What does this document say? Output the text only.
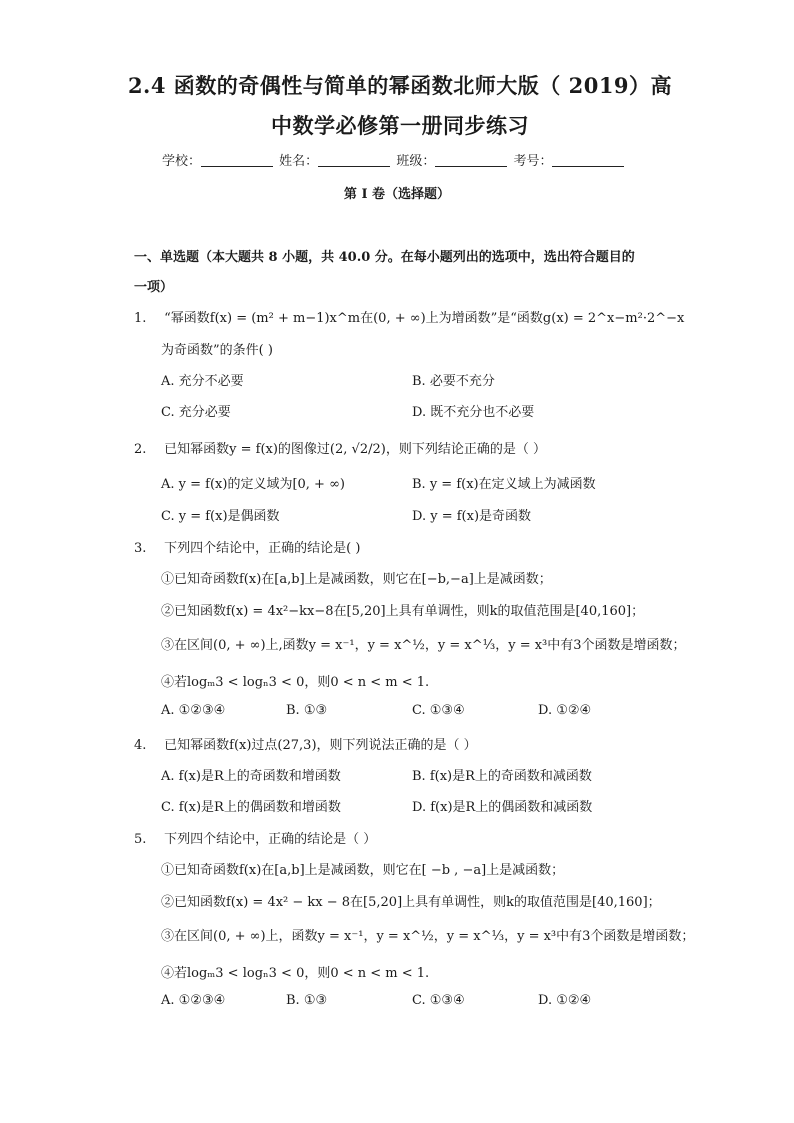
2.4 函数的奇偶性与简单的幂函数北师大版（ 2019）高
中数学必修第一册同步练习
学校：	姓名：	班级：	考号：
第 I 卷（选择题）
一、单选题（本大题共 8 小题，共 40.0 分。在每小题列出的选项中，选出符合题目的
一项）
1. “幂函数f(x) = (m² + m−1)x^m在(0, + ∞)上为增函数”是“函数g(x) = 2^x−m²·2^−x
为奇函数”的条件( )
A. 充分不必要	B. 必要不充分
C. 充分必要	D. 既不充分也不必要
2. 已知幂函数y = f(x)的图像过(2, √2/2)，则下列结论正确的是（ ）
A. y = f(x)的定义域为[0, + ∞)	B. y = f(x)在定义域上为减函数
C. y = f(x)是偶函数	D. y = f(x)是奇函数
3. 下列四个结论中，正确的结论是( )
①已知奇函数f(x)在[a,b]上是减函数，则它在[−b,−a]上是减函数；
②已知函数f(x) = 4x²−kx−8在[5,20]上具有单调性，则k的取值范围是[40,160]；
③在区间(0, + ∞)上,函数y = x⁻¹，y = x^½，y = x^⅓，y = x³中有3个函数是增函数；
④若logₘ3 < logₙ3 < 0，则0 < n < m < 1.
A. ①②③④	B. ①③	C. ①③④	D. ①②④
4. 已知幂函数f(x)过点(27,3)，则下列说法正确的是（ ）
A. f(x)是R上的奇函数和增函数	B. f(x)是R上的奇函数和减函数
C. f(x)是R上的偶函数和增函数	D. f(x)是R上的偶函数和减函数
5. 下列四个结论中，正确的结论是（ ）
①已知奇函数f(x)在[a,b]上是减函数，则它在[ −b , −a]上是减函数；
②已知函数f(x) = 4x² − kx − 8在[5,20]上具有单调性，则k的取值范围是[40,160]；
③在区间(0, + ∞)上，函数y = x⁻¹，y = x^½，y = x^⅓，y = x³中有3个函数是增函数；
④若logₘ3 < logₙ3 < 0，则0 < n < m < 1.
A. ①②③④	B. ①③	C. ①③④	D. ①②④
